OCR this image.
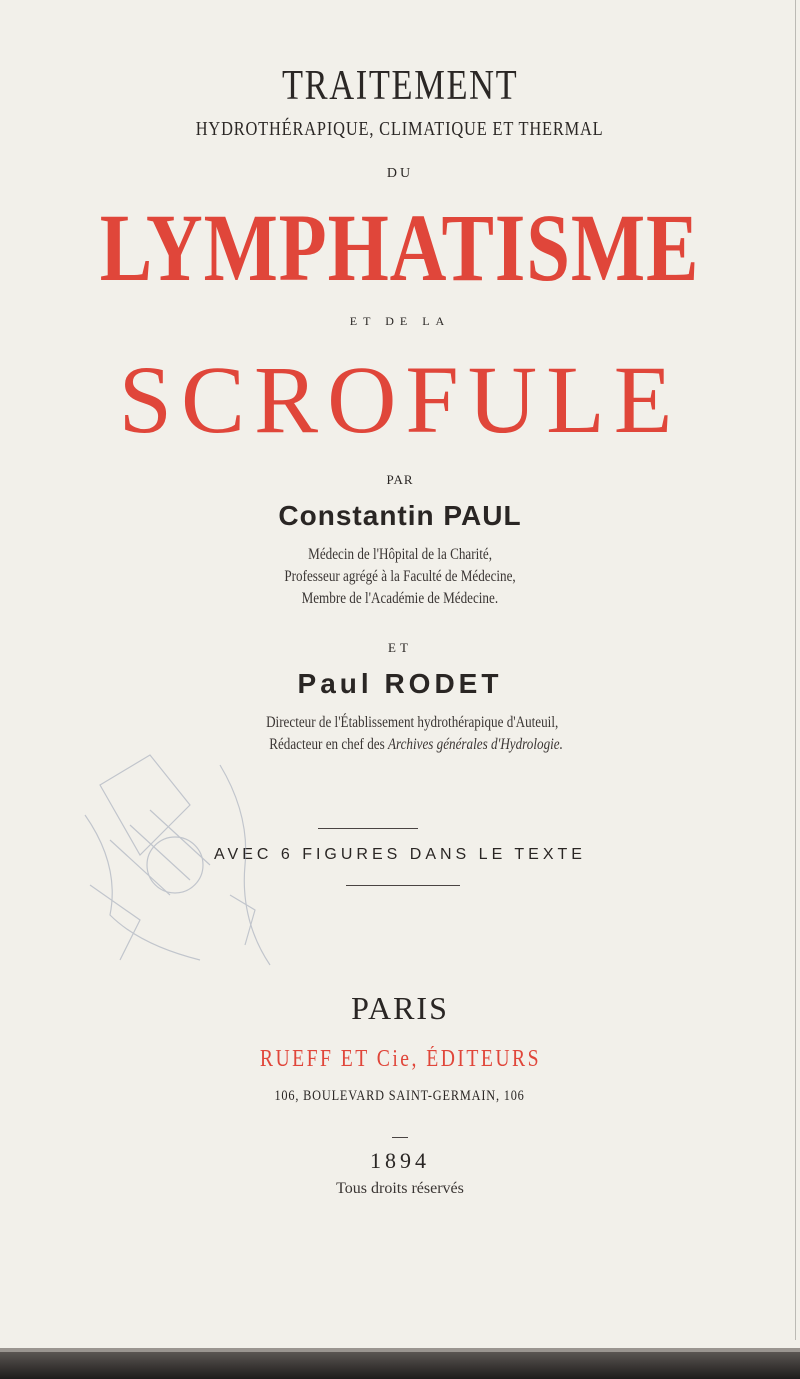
TRAITEMENT
HYDROTHÉRAPIQUE, CLIMATIQUE ET THERMAL
DU
LYMPHATISME
ET DE LA
SCROFULE
PAR
Constantin PAUL
Médecin de l'Hôpital de la Charité,
Professeur agrégé à la Faculté de Médecine,
Membre de l'Académie de Médecine.
ET
Paul RODET
Directeur de l'Établissement hydrothérapique d'Auteuil,
Rédacteur en chef des Archives générales d'Hydrologie.
AVEC 6 FIGURES DANS LE TEXTE
PARIS
RUEFF ET Cie, ÉDITEURS
106, BOULEVARD SAINT-GERMAIN, 106
1894
Tous droits réservés
